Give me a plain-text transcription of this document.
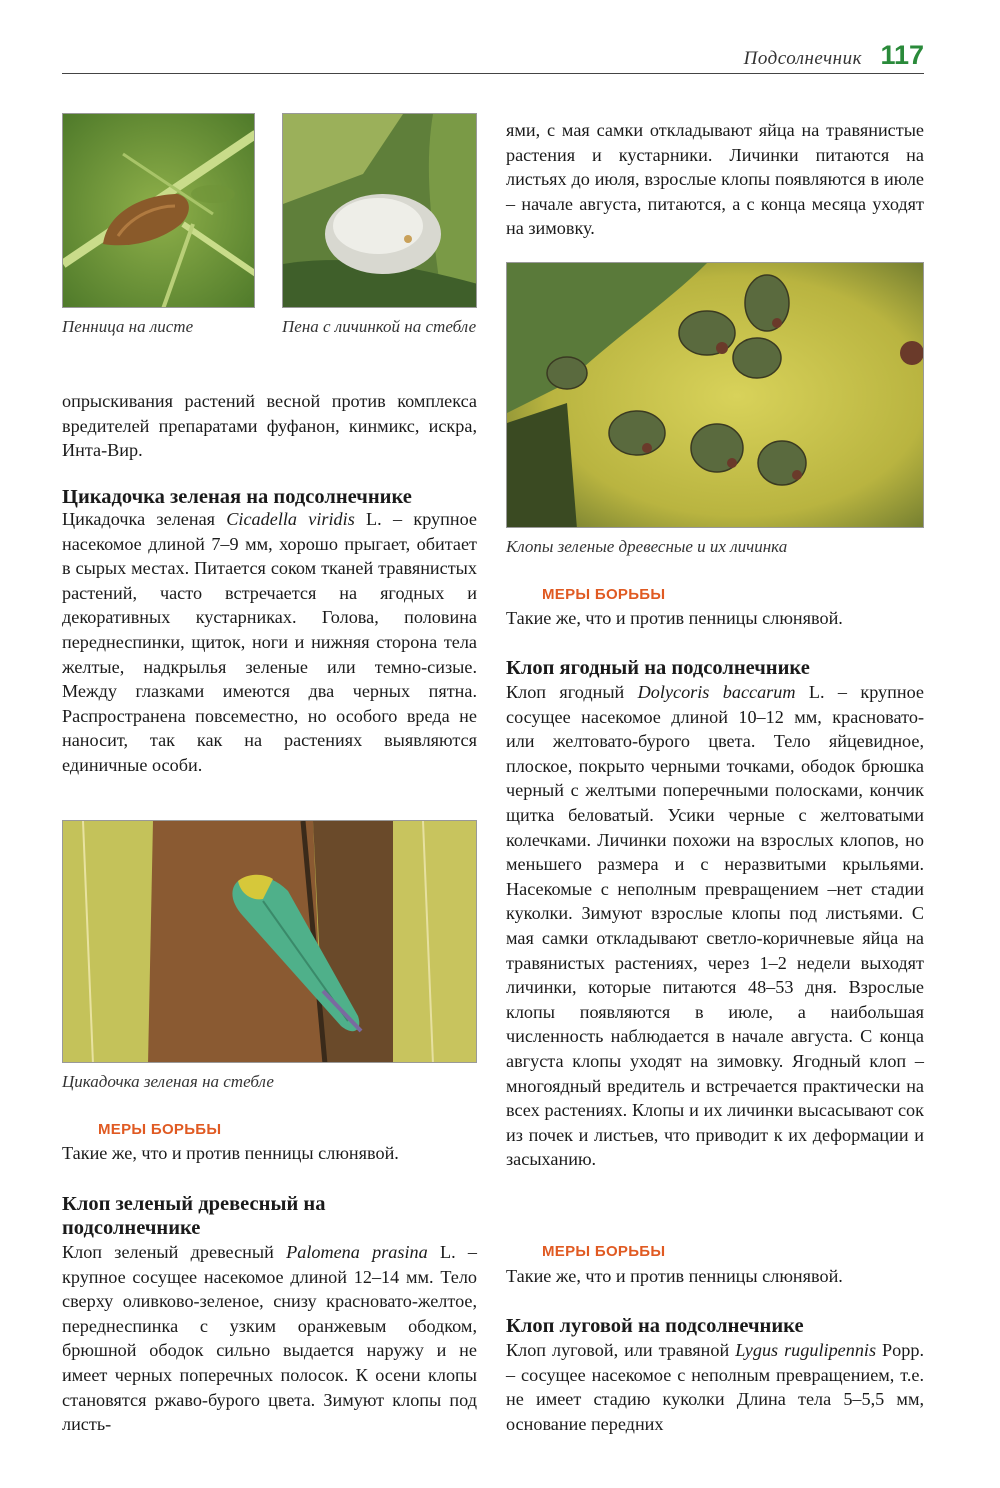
Подсолнечник 117
Пенница на листе	Пена с личинкой на стебле
опрыскивания растений весной против комплекса вредителей препаратами фуфанон, кинмикс, искра, Инта-Вир.
Цикадочка зеленая на подсолнечнике
Цикадочка зеленая Cicadella viridis L. – крупное насекомое длиной 7–9 мм, хорошо прыгает, обитает в сырых местах. Питается соком тканей травянистых растений, часто встречается на ягодных и декоративных кустарниках. Голова, половина переднеспинки, щиток, ноги и нижняя сторона тела желтые, надкрылья зеленые или темно-сизые. Между глазками имеются два черных пятна. Распространена повсеместно, но особого вреда не наносит, так как на растениях выявляются единичные особи.
Цикадочка зеленая на стебле
МЕРЫ БОРЬБЫ
Такие же, что и против пенницы слюнявой.
Клоп зеленый древесный на
подсолнечнике
Клоп зеленый древесный Palomena prasina L. – крупное сосущее насекомое длиной 12–14 мм. Тело сверху оливково-зеленое, снизу красновато-желтое, переднеспинка с узким оранжевым ободком, брюшной ободок сильно выдается наружу и не имеет черных поперечных полосок. К осени клопы становятся ржаво-бурого цвета. Зимуют клопы под листь-
ями, с мая самки откладывают яйца на травянистые растения и кустарники. Личинки питаются на листьях до июля, взрослые клопы появляются в июле – начале августа, питаются, а с конца месяца уходят на зимовку.
Клопы зеленые древесные и их личинка
МЕРЫ БОРЬБЫ
Такие же, что и против пенницы слюнявой.
Клоп ягодный на подсолнечнике
Клоп ягодный Dolycoris baccarum L. – крупное сосущее насекомое длиной 10–12 мм, красновато- или желтовато-бурого цвета. Тело яйцевидное, плоское, покрыто черными точками, ободок брюшка черный с желтыми поперечными полосками, кончик щитка беловатый. Усики черные с желтоватыми колечками. Личинки похожи на взрослых клопов, но меньшего размера и с неразвитыми крыльями. Насекомые с неполным превращением –нет стадии куколки. Зимуют взрослые клопы под листьями. С мая самки откладывают светло-коричневые яйца на травянистых растениях, через 1–2 недели выходят личинки, которые питаются 48–53 дня. Взрослые клопы появляются в июле, а наибольшая численность наблюдается в начале августа. С конца августа клопы уходят на зимовку. Ягодный клоп – многоядный вредитель и встречается практически на всех растениях. Клопы и их личинки высасывают сок из почек и листьев, что приводит к их деформации и засыханию.
МЕРЫ БОРЬБЫ
Такие же, что и против пенницы слюнявой.
Клоп луговой на подсолнечнике
Клоп луговой, или травяной Lygus rugulipennis Popp. – сосущее насекомое с неполным превращением, т.е. не имеет стадию куколки Длина тела 5–5,5 мм, основание передних
